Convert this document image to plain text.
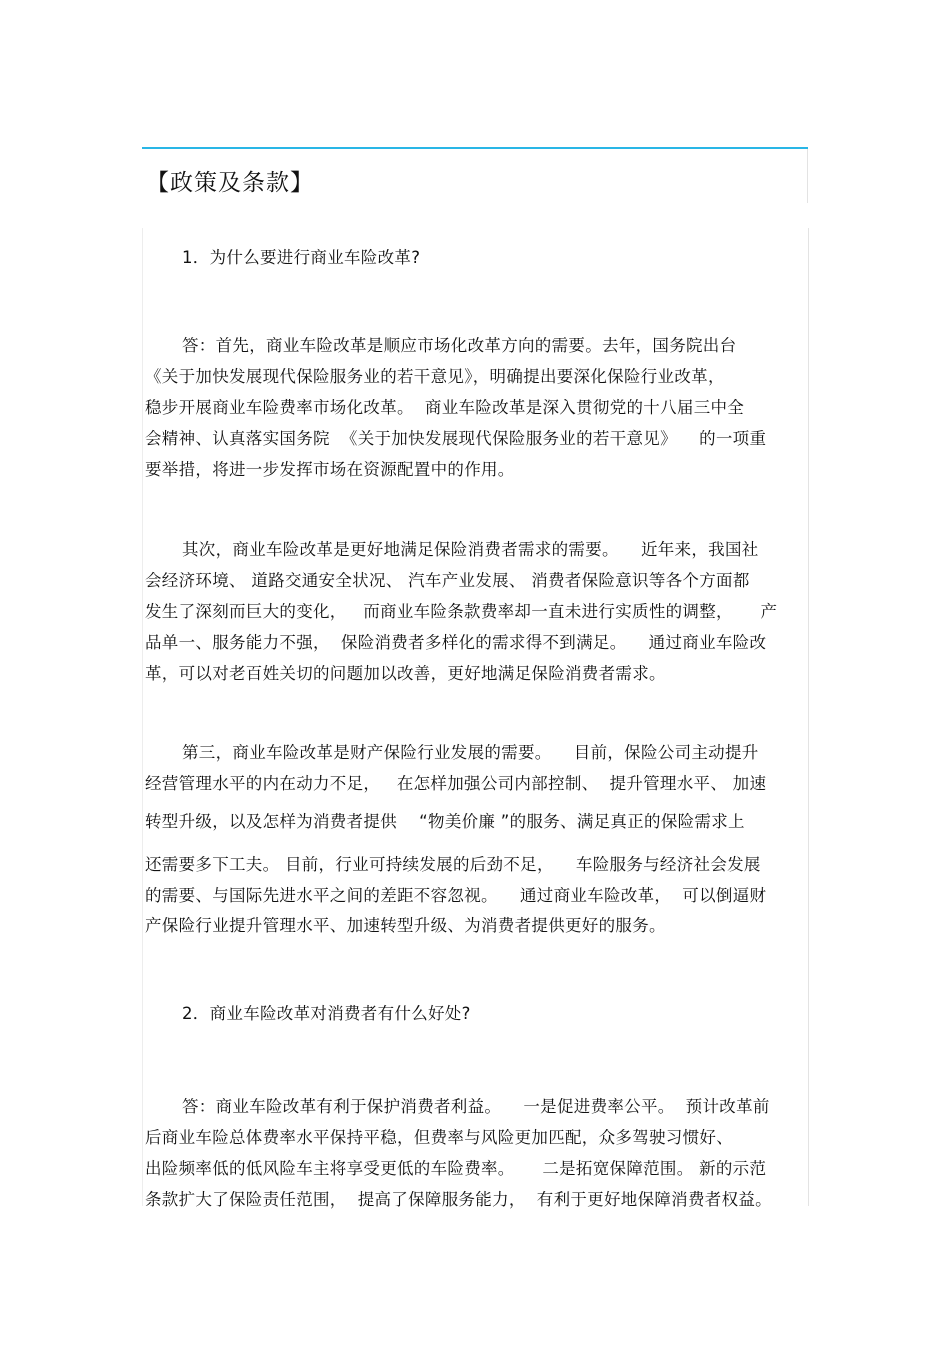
【政策及条款】
1．为什么要进行商业车险改革?
答：首先，商业车险改革是顺应市场化改革方向的需要。去年，国务院出台
《关于加快发展现代保险服务业的若干意见》，明确提出要深化保险行业改革，
稳步开展商业车险费率市场化改革。  商业车险改革是深入贯彻党的十八届三中全
会精神、认真落实国务院  《关于加快发展现代保险服务业的若干意见》    的一项重
要举措，将进一步发挥市场在资源配置中的作用。
其次，商业车险改革是更好地满足保险消费者需求的需要。    近年来，我国社
会经济环境、 道路交通安全状况、 汽车产业发展、 消费者保险意识等各个方面都
发生了深刻而巨大的变化，   而商业车险条款费率却一直未进行实质性的调整，     产
品单一、服务能力不强，  保险消费者多样化的需求得不到满足。    通过商业车险改
革，可以对老百姓关切的问题加以改善，更好地满足保险消费者需求。
第三，商业车险改革是财产保险行业发展的需要。    目前，保险公司主动提升
经营管理水平的内在动力不足，   在怎样加强公司内部控制、  提升管理水平、 加速
转型升级，以及怎样为消费者提供    “物美价廉 ”的服务、满足真正的保险需求上
还需要多下工夫。 目前，行业可持续发展的后劲不足，    车险服务与经济社会发展
的需要、与国际先进水平之间的差距不容忽视。    通过商业车险改革，  可以倒逼财
产保险行业提升管理水平、加速转型升级、为消费者提供更好的服务。
2．商业车险改革对消费者有什么好处?
答：商业车险改革有利于保护消费者利益。    一是促进费率公平。  预计改革前
后商业车险总体费率水平保持平稳，但费率与风险更加匹配，众多驾驶习惯好、
出险频率低的低风险车主将享受更低的车险费率。     二是拓宽保障范围。 新的示范
条款扩大了保险责任范围，  提高了保障服务能力，  有利于更好地保障消费者权益。
